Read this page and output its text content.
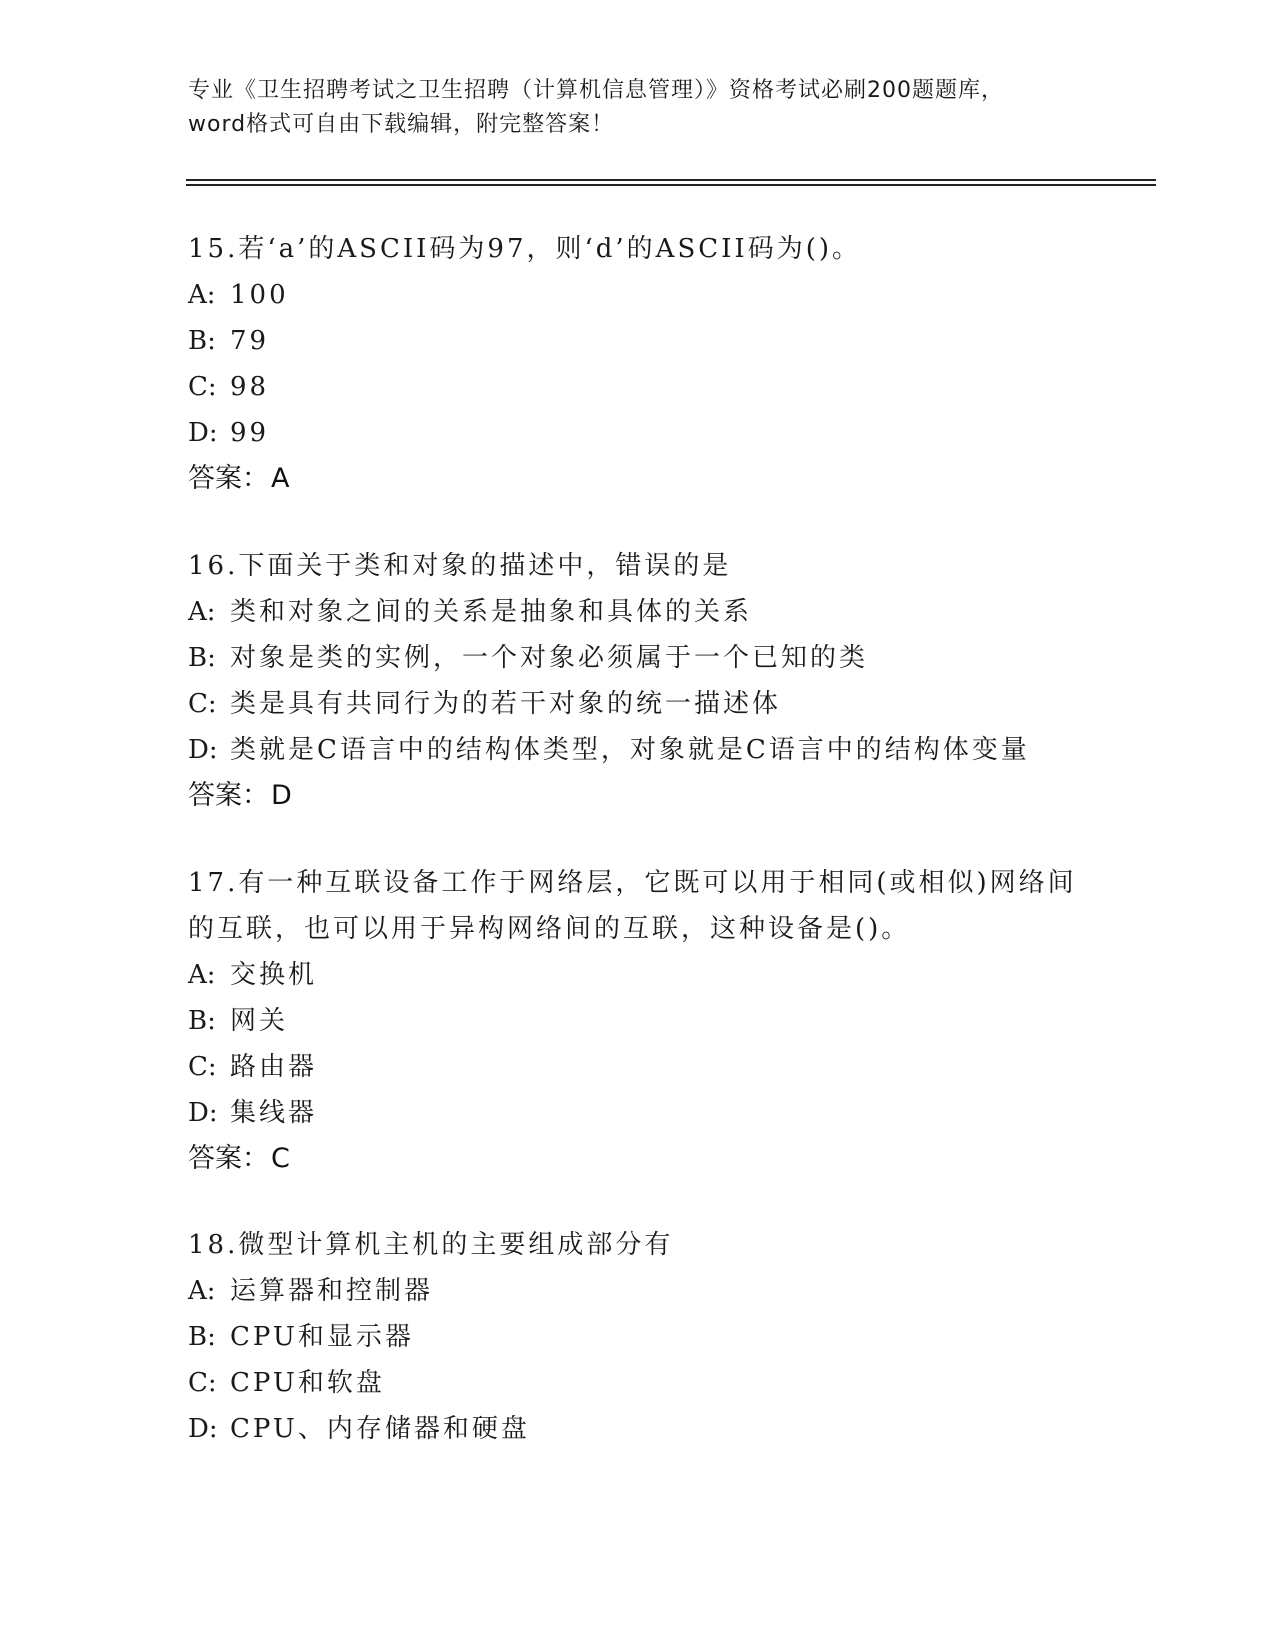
专业《卫生招聘考试之卫生招聘（计算机信息管理）》资格考试必刷200题题库，
word格式可自由下载编辑，附完整答案！
15.若‘a’的ASCII码为97，则‘d’的ASCII码为()。
A: 100
B: 79
C: 98
D: 99
答案：A
16.下面关于类和对象的描述中，错误的是
A: 类和对象之间的关系是抽象和具体的关系
B: 对象是类的实例，一个对象必须属于一个已知的类
C: 类是具有共同行为的若干对象的统一描述体
D: 类就是C语言中的结构体类型，对象就是C语言中的结构体变量
答案：D
17.有一种互联设备工作于网络层，它既可以用于相同(或相似)网络间
的互联，也可以用于异构网络间的互联，这种设备是()。
A: 交换机
B: 网关
C: 路由器
D: 集线器
答案：C
18.微型计算机主机的主要组成部分有
A: 运算器和控制器
B: CPU和显示器
C: CPU和软盘
D: CPU、内存储器和硬盘
